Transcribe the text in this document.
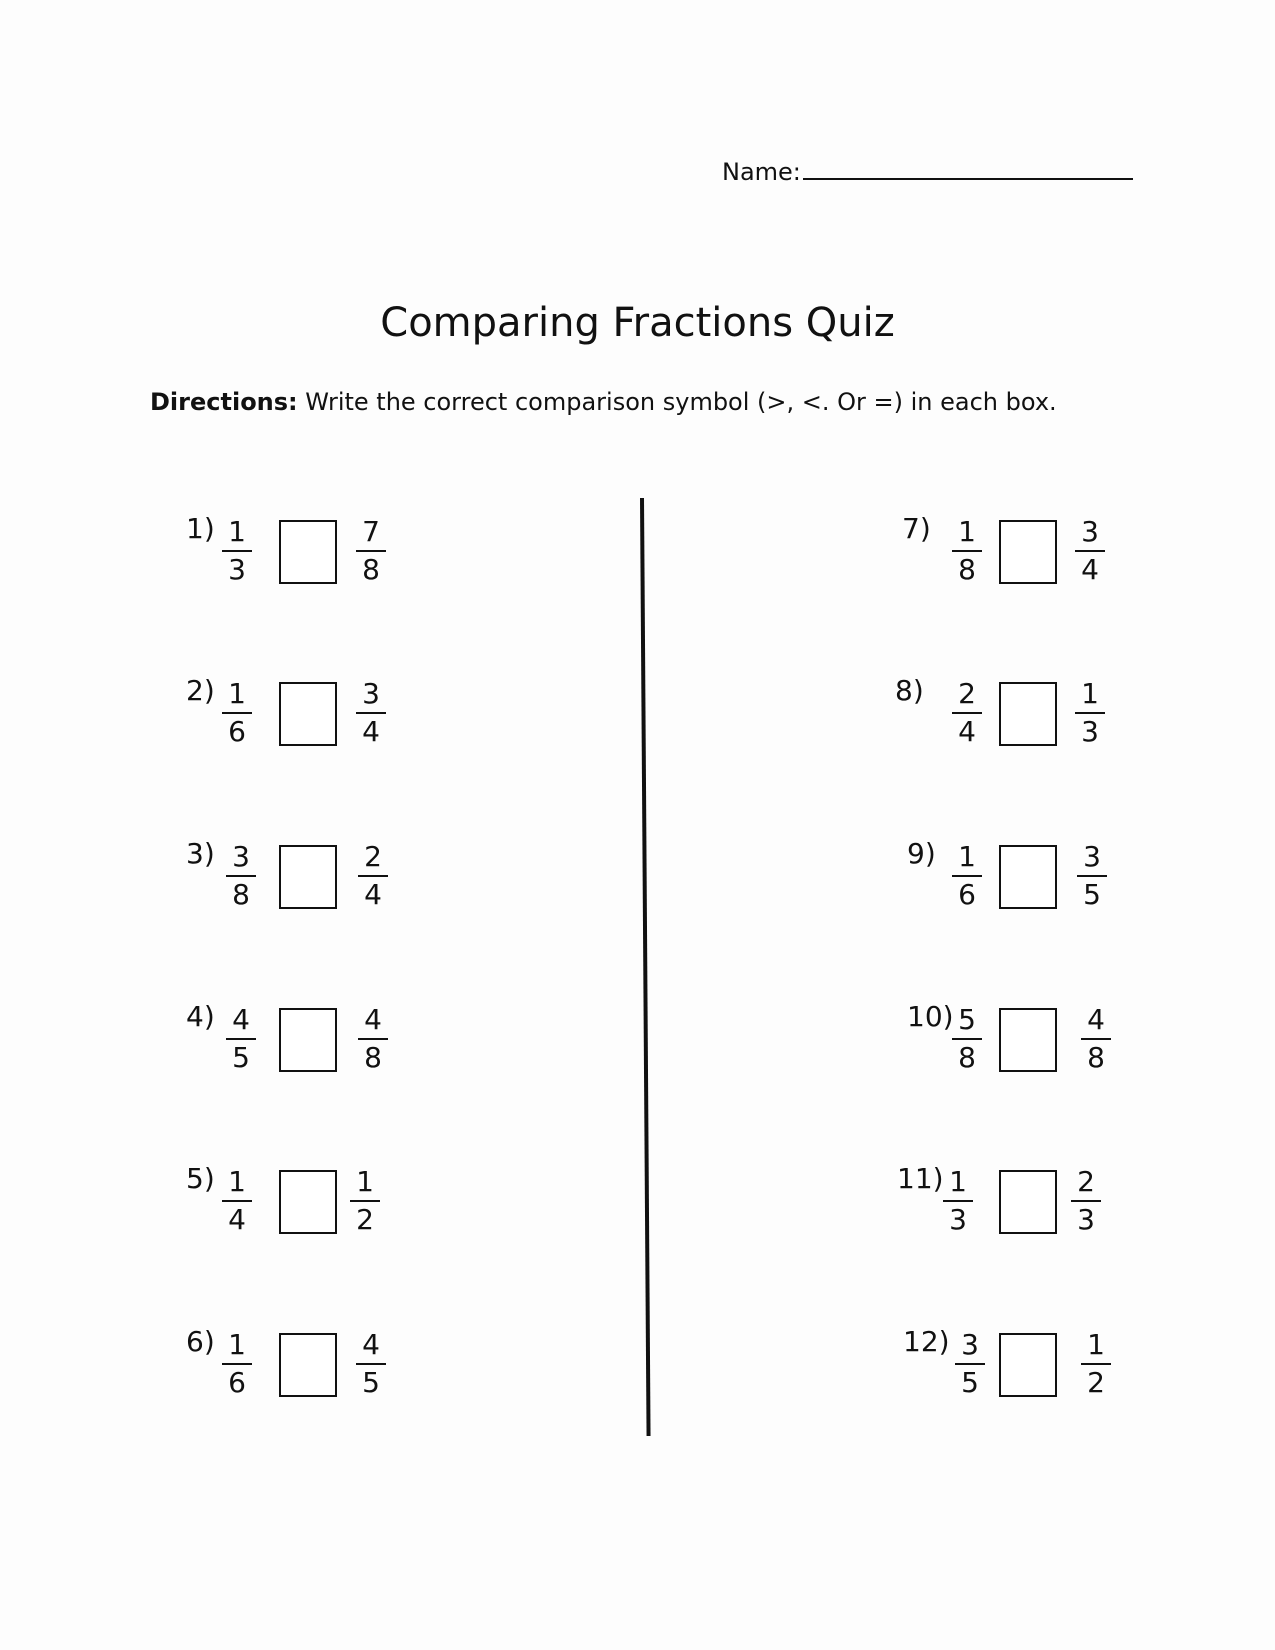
Name:
Comparing Fractions Quiz
Directions: Write the correct comparison symbol (>, <. Or =) in each box.
$1) \frac{1}{3}$	$\frac{7}{8}$
$2) \frac{1}{6}$	$\frac{3}{4}$
$3) \frac{3}{8}$	$\frac{2}{4}$
$4) \frac{4}{5}$	$\frac{4}{8}$
$5) \frac{1}{4}$	$\frac{1}{2}$
$6) \frac{1}{6}$	$\frac{4}{5}$
$7) \frac{1}{8}$	$\frac{3}{4}$
$8) \frac{2}{4}$	$\frac{1}{3}$
$9) \frac{1}{6}$	$\frac{3}{5}$
10)
$\frac{5}{8}$	$\frac{4}{8}$
$11) \frac{1}{3}$	$\frac{2}{3}$
$12) \frac{3}{5}$	$\frac{1}{2}$
